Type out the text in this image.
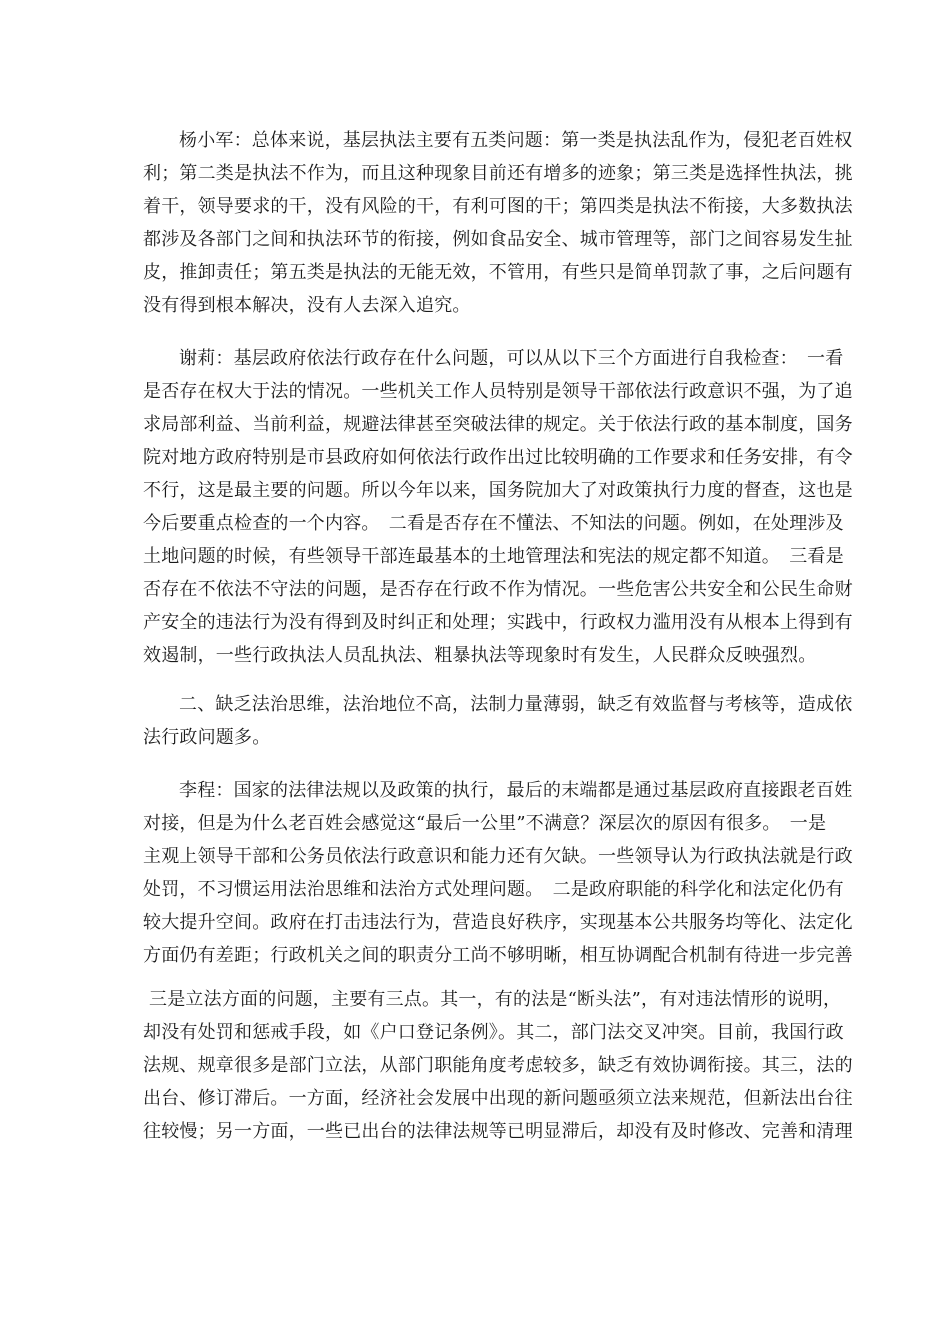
杨小军：总体来说，基层执法主要有五类问题：第一类是执法乱作为，侵犯老百姓权
利；第二类是执法不作为，而且这种现象目前还有增多的迹象；第三类是选择性执法，挑
着干，领导要求的干，没有风险的干，有利可图的干；第四类是执法不衔接，大多数执法
都涉及各部门之间和执法环节的衔接，例如食品安全、城市管理等，部门之间容易发生扯
皮，推卸责任；第五类是执法的无能无效，不管用，有些只是简单罚款了事，之后问题有
没有得到根本解决，没有人去深入追究。
谢莉：基层政府依法行政存在什么问题，可以从以下三个方面进行自我检查：　一看
是否存在权大于法的情况。一些机关工作人员特别是领导干部依法行政意识不强，为了追
求局部利益、当前利益，规避法律甚至突破法律的规定。关于依法行政的基本制度，国务
院对地方政府特别是市县政府如何依法行政作出过比较明确的工作要求和任务安排，有令
不行，这是最主要的问题。所以今年以来，国务院加大了对政策执行力度的督查，这也是
今后要重点检查的一个内容。　二看是否存在不懂法、不知法的问题。例如，在处理涉及
土地问题的时候，有些领导干部连最基本的土地管理法和宪法的规定都不知道。　三看是
否存在不依法不守法的问题，是否存在行政不作为情况。一些危害公共安全和公民生命财
产安全的违法行为没有得到及时纠正和处理；实践中，行政权力滥用没有从根本上得到有
效遏制，一些行政执法人员乱执法、粗暴执法等现象时有发生，人民群众反映强烈。
二、缺乏法治思维，法治地位不高，法制力量薄弱，缺乏有效监督与考核等，造成依
法行政问题多。
李程：国家的法律法规以及政策的执行，最后的末端都是通过基层政府直接跟老百姓
对接，但是为什么老百姓会感觉这“最后一公里”不满意？深层次的原因有很多。　一是
主观上领导干部和公务员依法行政意识和能力还有欠缺。一些领导认为行政执法就是行政
处罚，不习惯运用法治思维和法治方式处理问题。　二是政府职能的科学化和法定化仍有
较大提升空间。政府在打击违法行为，营造良好秩序，实现基本公共服务均等化、法定化
方面仍有差距；行政机关之间的职责分工尚不够明晰，相互协调配合机制有待进一步完善
三是立法方面的问题，主要有三点。其一，有的法是“断头法”，有对违法情形的说明，
却没有处罚和惩戒手段，如《户口登记条例》。其二，部门法交叉冲突。目前，我国行政
法规、规章很多是部门立法，从部门职能角度考虑较多，缺乏有效协调衔接。其三，法的
出台、修订滞后。一方面，经济社会发展中出现的新问题亟须立法来规范，但新法出台往
往较慢；另一方面，一些已出台的法律法规等已明显滞后，却没有及时修改、完善和清理
